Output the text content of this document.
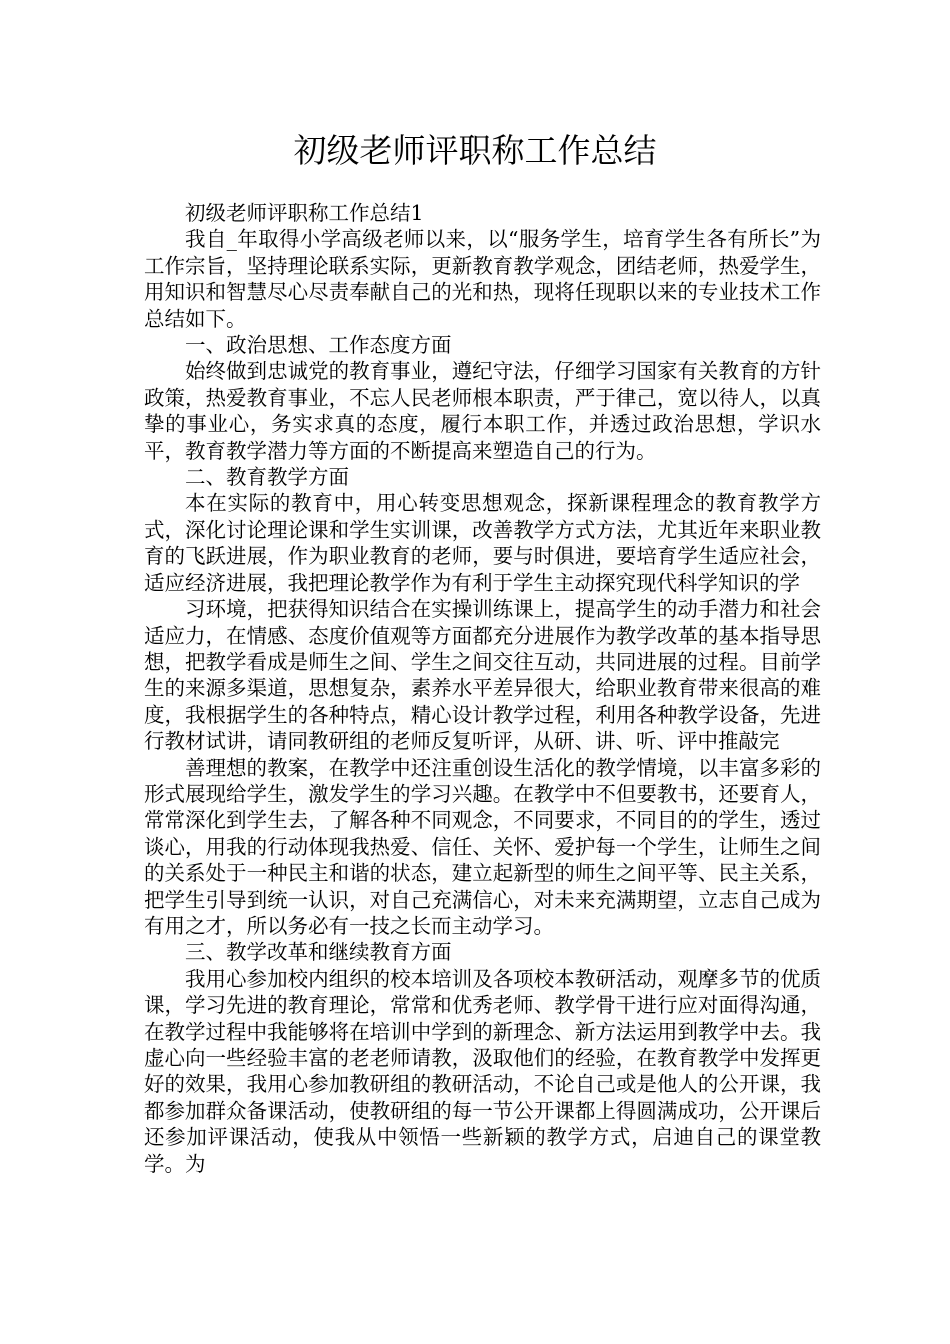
初级老师评职称工作总结

初级老师评职称工作总结1

我自_年取得小学高级老师以来，以“服务学生，培育学生各有所长”为工作宗旨，坚持理论联系实际，更新教育教学观念，团结老师，热爱学生，用知识和智慧尽心尽责奉献自己的光和热，现将任现职以来的专业技术工作总结如下。

一、政治思想、工作态度方面

始终做到忠诚党的教育事业，遵纪守法，仔细学习国家有关教育的方针政策，热爱教育事业，不忘人民老师根本职责，严于律己，宽以待人，以真挚的事业心，务实求真的态度，履行本职工作，并透过政治思想，学识水平，教育教学潜力等方面的不断提高来塑造自己的行为。

二、教育教学方面

本在实际的教育中，用心转变思想观念，探新课程理念的教育教学方式，深化讨论理论课和学生实训课，改善教学方式方法，尤其近年来职业教育的飞跃进展，作为职业教育的老师，要与时俱进，要培育学生适应社会，适应经济进展，我把理论教学作为有利于学生主动探究现代科学知识的学

习环境，把获得知识结合在实操训练课上，提高学生的动手潜力和社会适应力，在情感、态度价值观等方面都充分进展作为教学改革的基本指导思想，把教学看成是师生之间、学生之间交往互动，共同进展的过程。目前学生的来源多渠道，思想复杂，素养水平差异很大，给职业教育带来很高的难度，我根据学生的各种特点，精心设计教学过程，利用各种教学设备，先进行教材试讲，请同教研组的老师反复听评，从研、讲、听、评中推敲完

善理想的教案，在教学中还注重创设生活化的教学情境，以丰富多彩的形式展现给学生，激发学生的学习兴趣。在教学中不但要教书，还要育人，常常深化到学生去，了解各种不同观念，不同要求，不同目的的学生，透过谈心，用我的行动体现我热爱、信任、关怀、爱护每一个学生，让师生之间的关系处于一种民主和谐的状态，建立起新型的师生之间平等、民主关系，把学生引导到统一认识，对自己充满信心，对未来充满期望，立志自己成为有用之才，所以务必有一技之长而主动学习。

三、教学改革和继续教育方面

我用心参加校内组织的校本培训及各项校本教研活动，观摩多节的优质课，学习先进的教育理论，常常和优秀老师、教学骨干进行应对面得沟通，在教学过程中我能够将在培训中学到的新理念、新方法运用到教学中去。我虚心向一些经验丰富的老老师请教，汲取他们的经验，在教育教学中发挥更好的效果，我用心参加教研组的教研活动，不论自己或是他人的公开课，我都参加群众备课活动，使教研组的每一节公开课都上得圆满成功，公开课后还参加评课活动，使我从中领悟一些新颖的教学方式，启迪自己的课堂教学。为
